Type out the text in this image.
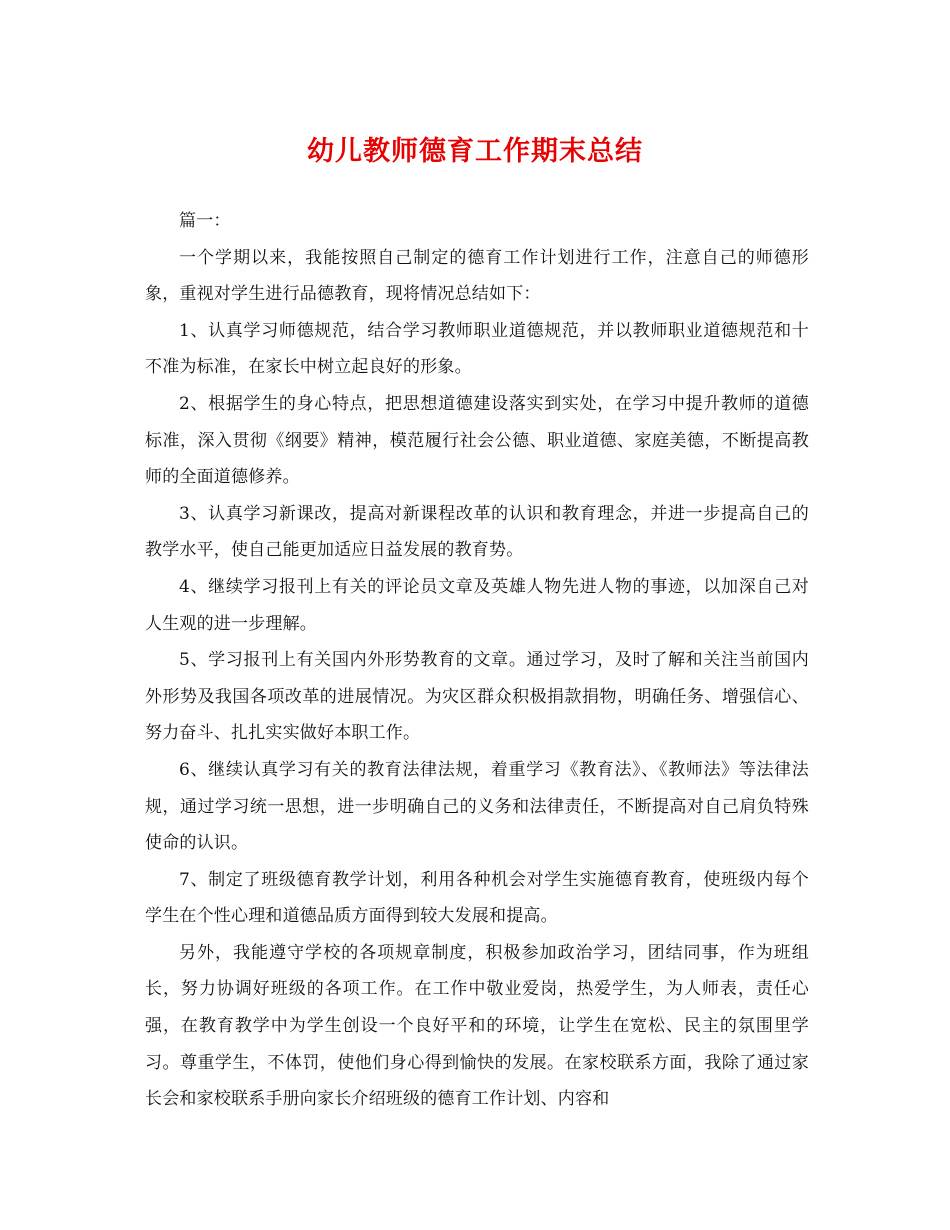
幼儿教师德育工作期末总结

篇一：

一个学期以来，我能按照自己制定的德育工作计划进行工作，注意自己的师德形象，重视对学生进行品德教育，现将情况总结如下：

1、认真学习师德规范，结合学习教师职业道德规范，并以教师职业道德规范和十不准为标准，在家长中树立起良好的形象。

2、根据学生的身心特点，把思想道德建设落实到实处，在学习中提升教师的道德标准，深入贯彻《纲要》精神，模范履行社会公德、职业道德、家庭美德，不断提高教师的全面道德修养。

3、认真学习新课改，提高对新课程改革的认识和教育理念，并进一步提高自己的教学水平，使自己能更加适应日益发展的教育势。

4、继续学习报刊上有关的评论员文章及英雄人物先进人物的事迹，以加深自己对人生观的进一步理解。

5、学习报刊上有关国内外形势教育的文章。通过学习，及时了解和关注当前国内外形势及我国各项改革的进展情况。为灾区群众积极捐款捐物，明确任务、增强信心、努力奋斗、扎扎实实做好本职工作。

6、继续认真学习有关的教育法律法规，着重学习《教育法》、《教师法》等法律法规，通过学习统一思想，进一步明确自己的义务和法律责任，不断提高对自己肩负特殊使命的认识。

7、制定了班级德育教学计划，利用各种机会对学生实施德育教育，使班级内每个学生在个性心理和道德品质方面得到较大发展和提高。

另外，我能遵守学校的各项规章制度，积极参加政治学习，团结同事，作为班组长，努力协调好班级的各项工作。在工作中敬业爱岗，热爱学生，为人师表，责任心强，在教育教学中为学生创设一个良好平和的环境，让学生在宽松、民主的氛围里学习。尊重学生，不体罚，使他们身心得到愉快的发展。在家校联系方面，我除了通过家长会和家校联系手册向家长介绍班级的德育工作计划、内容和
